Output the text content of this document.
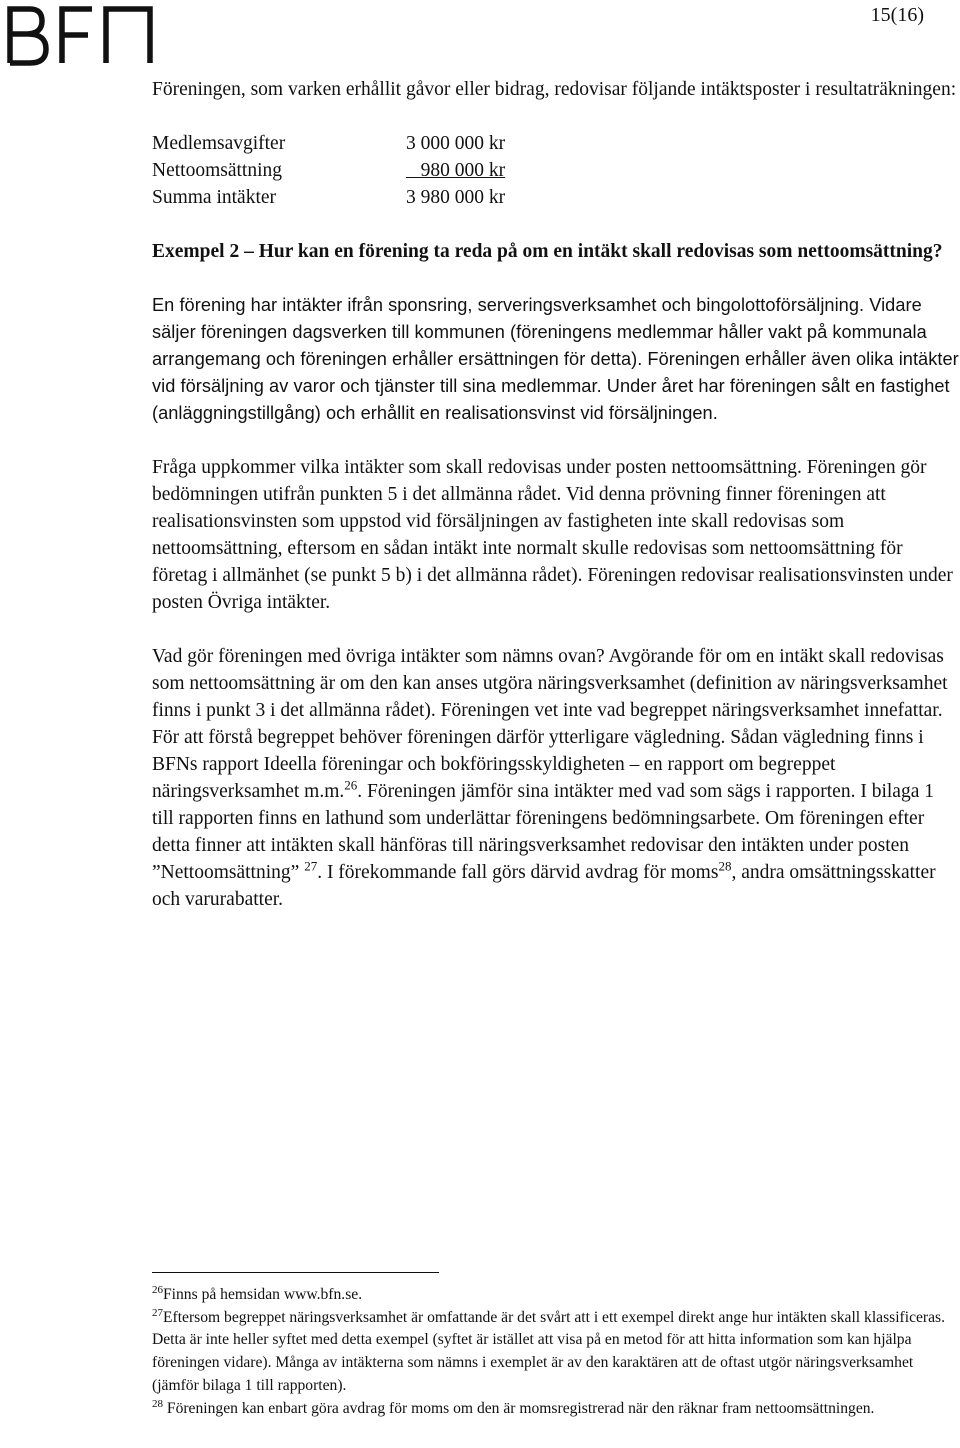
15(16)

Föreningen, som varken erhållit gåvor eller bidrag, redovisar följande intäktsposter i resultaträkningen:

Medlemsavgifter	3 000 000 kr
Nettoomsättning	980 000 kr
Summa intäkter	3 980 000 kr

Exempel 2 – Hur kan en förening ta reda på om en intäkt skall redovisas som nettoomsättning?

En förening har intäkter ifrån sponsring, serveringsverksamhet och bingolottoförsäljning. Vidare säljer föreningen dagsverken till kommunen (föreningens medlemmar håller vakt på kommunala arrangemang och föreningen erhåller ersättningen för detta). Föreningen erhåller även olika intäkter vid försäljning av varor och tjänster till sina medlemmar. Under året har föreningen sålt en fastighet (anläggningstillgång) och erhållit en realisationsvinst vid försäljningen.

Fråga uppkommer vilka intäkter som skall redovisas under posten nettoomsättning. Föreningen gör bedömningen utifrån punkten 5 i det allmänna rådet. Vid denna prövning finner föreningen att realisationsvinsten som uppstod vid försäljningen av fastigheten inte skall redovisas som nettoomsättning, eftersom en sådan intäkt inte normalt skulle redovisas som nettoomsättning för företag i allmänhet (se punkt 5 b) i det allmänna rådet). Föreningen redovisar realisationsvinsten under posten Övriga intäkter.

Vad gör föreningen med övriga intäkter som nämns ovan? Avgörande för om en intäkt skall redovisas som nettoomsättning är om den kan anses utgöra näringsverksamhet (definition av näringsverksamhet finns i punkt 3 i det allmänna rådet). Föreningen vet inte vad begreppet näringsverksamhet innefattar. För att förstå begreppet behöver föreningen därför ytterligare vägledning. Sådan vägledning finns i BFNs rapport Ideella föreningar och bokföringsskyldigheten – en rapport om begreppet näringsverksamhet m.m.$^{26}$. Föreningen jämför sina intäkter med vad som sägs i rapporten. I bilaga 1 till rapporten finns en lathund som underlättar föreningens bedömningsarbete. Om föreningen efter detta finner att intäkten skall hänföras till näringsverksamhet redovisar den intäkten under posten ”Nettoomsättning” $^{27}$. I förekommande fall görs därvid avdrag för moms$^{28}$, andra omsättningsskatter och varurabatter.

$^{26}$Finns på hemsidan www.bfn.se.

$^{27}$Eftersom begreppet näringsverksamhet är omfattande är det svårt att i ett exempel direkt ange hur intäkten skall klassificeras. Detta är inte heller syftet med detta exempel (syftet är istället att visa på en metod för att hitta information som kan hjälpa föreningen vidare). Många av intäkterna som nämns i exemplet är av den karaktären att de oftast utgör näringsverksamhet (jämför bilaga 1 till rapporten).

$^{28}$ Föreningen kan enbart göra avdrag för moms om den är momsregistrerad när den räknar fram nettoomsättningen.
